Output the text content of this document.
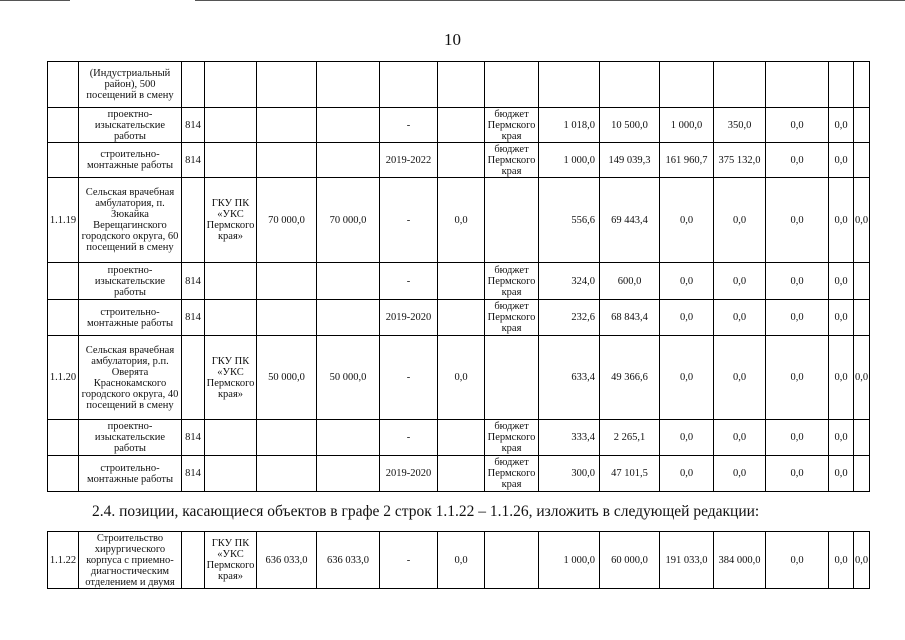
10
	(Индустриальный район), 500 посещений в смену														
	проектно-изыскательские работы	814				-		бюджет Пермского края	1 018,0	10 500,0	1 000,0	350,0	0,0	0,0	
	строительно-монтажные работы	814				2019-2022		бюджет Пермского края	1 000,0	149 039,3	161 960,7	375 132,0	0,0	0,0	
1.1.19	Сельская врачебная амбулатория, п. Зюкайка Верещагинского городского округа, 60 посещений в смену		ГКУ ПК «УКС Пермского края»	70 000,0	70 000,0	-	0,0		556,6	69 443,4	0,0	0,0	0,0	0,0	0,0
	проектно-изыскательские работы	814				-		бюджет Пермского края	324,0	600,0	0,0	0,0	0,0	0,0	
	строительно-монтажные работы	814				2019-2020		бюджет Пермского края	232,6	68 843,4	0,0	0,0	0,0	0,0	
1.1.20	Сельская врачебная амбулатория, р.п. Оверята Краснокамского городского округа, 40 посещений в смену		ГКУ ПК «УКС Пермского края»	50 000,0	50 000,0	-	0,0		633,4	49 366,6	0,0	0,0	0,0	0,0	0,0
	проектно-изыскательские работы	814				-		бюджет Пермского края	333,4	2 265,1	0,0	0,0	0,0	0,0	
	строительно-монтажные работы	814				2019-2020		бюджет Пермского края	300,0	47 101,5	0,0	0,0	0,0	0,0	
2.4. позиции, касающиеся объектов в графе 2 строк 1.1.22 – 1.1.26, изложить в следующей редакции:
1.1.22	Строительство хирургического корпуса с приемно-диагностическим отделением и двумя		ГКУ ПК «УКС Пермского края»	636 033,0	636 033,0	-	0,0		1 000,0	60 000,0	191 033,0	384 000,0	0,0	0,0	0,0
